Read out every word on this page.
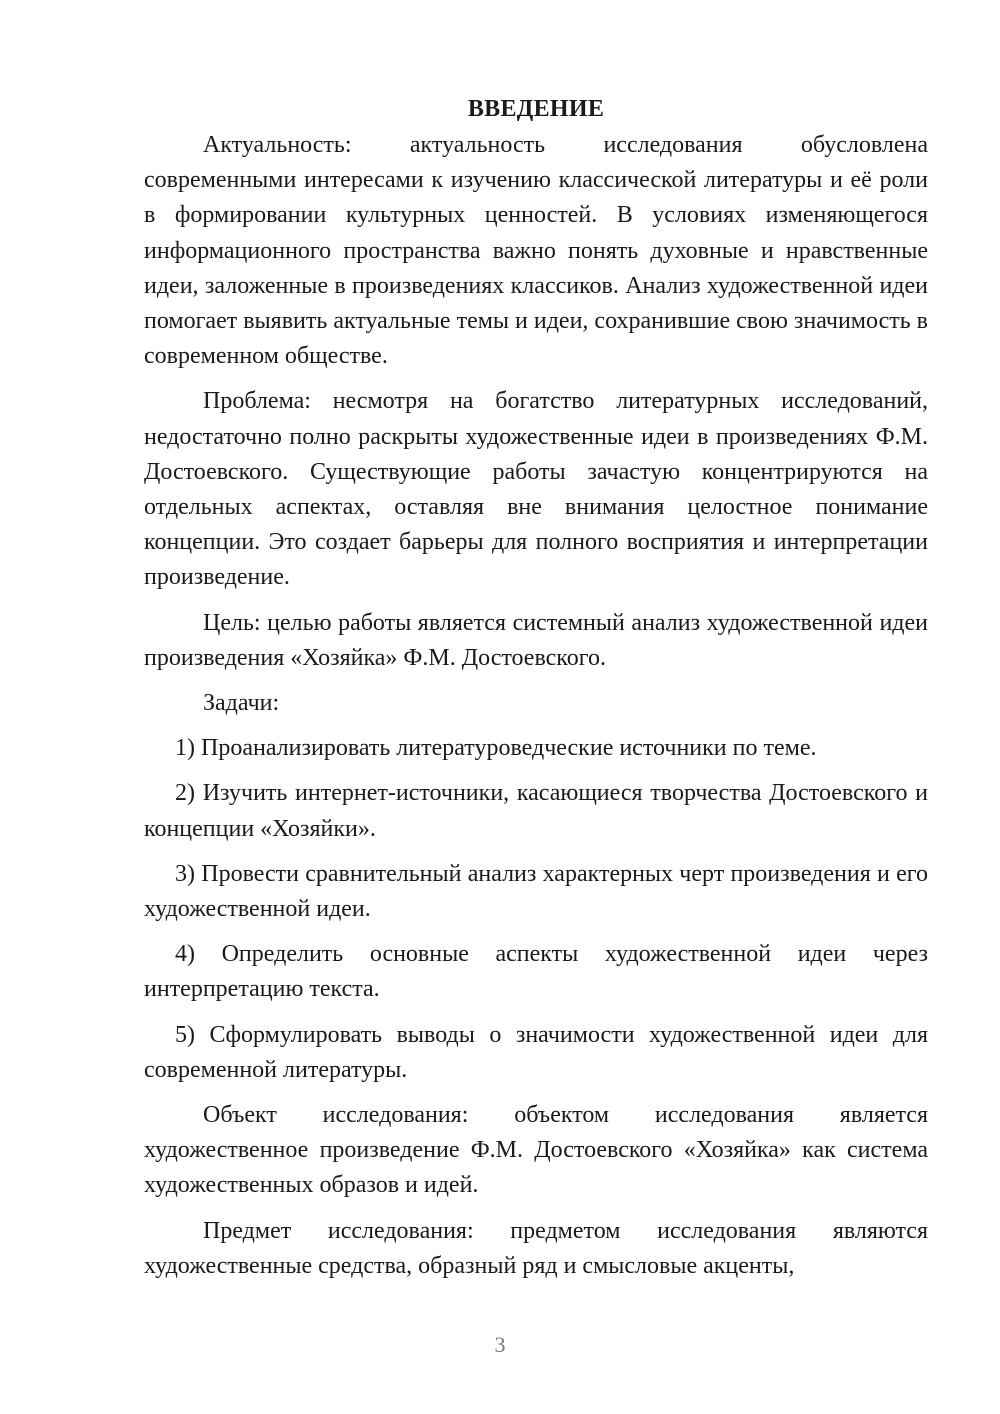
ВВЕДЕНИЕ

Актуальность: актуальность исследования обусловлена современными интересами к изучению классической литературы и её роли в формировании культурных ценностей. В условиях изменяющегося информационного пространства важно понять духовные и нравственные идеи, заложенные в произведениях классиков. Анализ художественной идеи помогает выявить актуальные темы и идеи, сохранившие свою значимость в современном обществе.

Проблема: несмотря на богатство литературных исследований, недостаточно полно раскрыты художественные идеи в произведениях Ф.М. Достоевского. Существующие работы зачастую концентрируются на отдельных аспектах, оставляя вне внимания целостное понимание концепции. Это создает барьеры для полного восприятия и интерпретации произведение.

Цель: целью работы является системный анализ художественной идеи произведения «Хозяйка» Ф.М. Достоевского.

Задачи:

1) Проанализировать литературоведческие источники по теме.

2) Изучить интернет-источники, касающиеся творчества Достоевского и концепции «Хозяйки».

3) Провести сравнительный анализ характерных черт произведения и его художественной идеи.

4) Определить основные аспекты художественной идеи через интерпретацию текста.

5) Сформулировать выводы о значимости художественной идеи для современной литературы.

Объект исследования: объектом исследования является художественное произведение Ф.М. Достоевского «Хозяйка» как система художественных образов и идей.

Предмет исследования: предметом исследования являются художественные средства, образный ряд и смысловые акценты,

3
